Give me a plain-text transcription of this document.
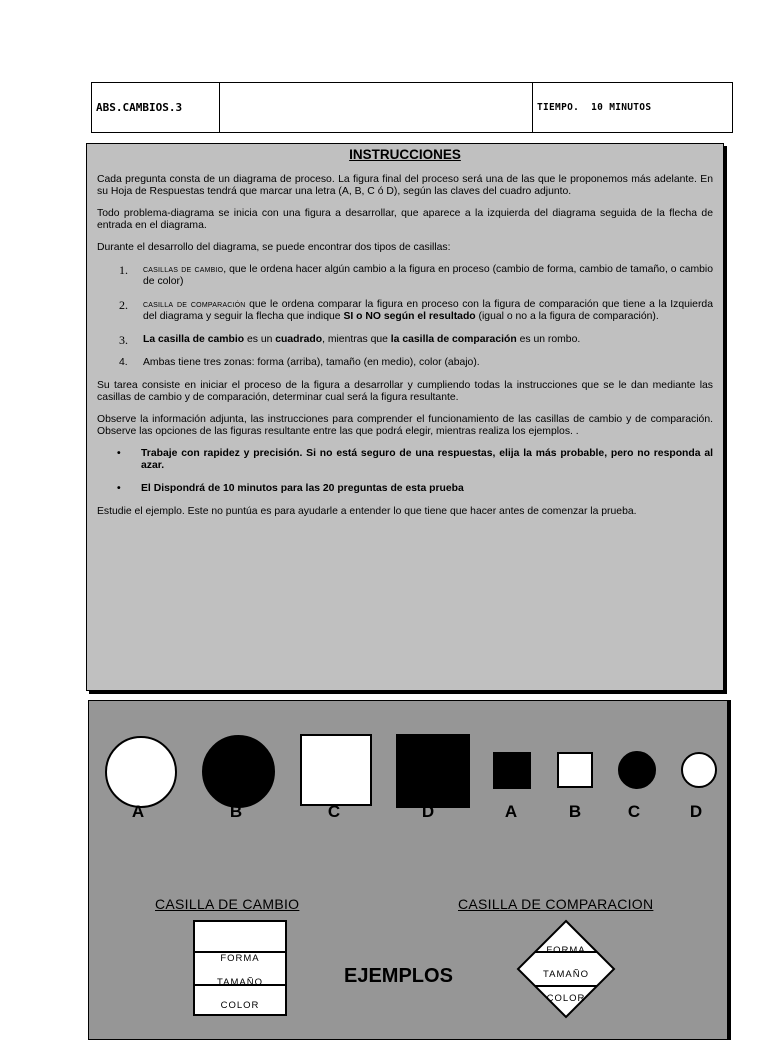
ABS.CAMBIOS.3	TIEMPO. 10 MINUTOS
INSTRUCCIONES

Cada pregunta consta de un diagrama de proceso. La figura final del proceso será una de las que le proponemos más adelante. En su Hoja de Respuestas tendrá que marcar una letra (A, B, C ó D), según las claves del cuadro adjunto.

Todo problema-diagrama se inicia con una figura a desarrollar, que aparece a la izquierda del diagrama seguida de la flecha de entrada en el diagrama.

Durante el desarrollo del diagrama, se puede encontrar dos tipos de casillas:

1.	casillas de cambio, que le ordena hacer algún cambio a la figura en proceso (cambio de forma, cambio de tamaño, o cambio de color)
2.	casilla de comparación que le ordena comparar la figura en proceso con la figura de comparación que tiene a la Izquierda del diagrama y seguir la flecha que indique SI o NO según el resultado (igual o no a la figura de comparación).
3.	La casilla de cambio es un cuadrado, mientras que la casilla de comparación es un rombo.
4.	Ambas tiene tres zonas: forma (arriba), tamaño (en medio), color (abajo).

Su tarea consiste en iniciar el proceso de la figura a desarrollar y cumpliendo todas la instrucciones que se le dan mediante las casillas de cambio y de comparación, determinar cual será la figura resultante.

Observe la información adjunta, las instrucciones para comprender el funcionamiento de las casillas de cambio y de comparación. Observe las opciones de las figuras resultante entre las que podrá elegir, mientras realiza los ejemplos. .

•	Trabaje con rapidez y precisión. Si no está seguro de una respuestas, elija la más probable, pero no responda al azar.
•	El Dispondrá de 10 minutos para las 20 preguntas de esta prueba

Estudie el ejemplo. Este no puntúa es para ayudarle a entender lo que tiene que hacer antes de comenzar la prueba.

A	B	C	D	A	B	C	D
CASILLA DE CAMBIO	CASILLA DE COMPARACION
FORMA
TAMAÑO
COLOR
EJEMPLOS
FORMA
TAMAÑO
COLOR
